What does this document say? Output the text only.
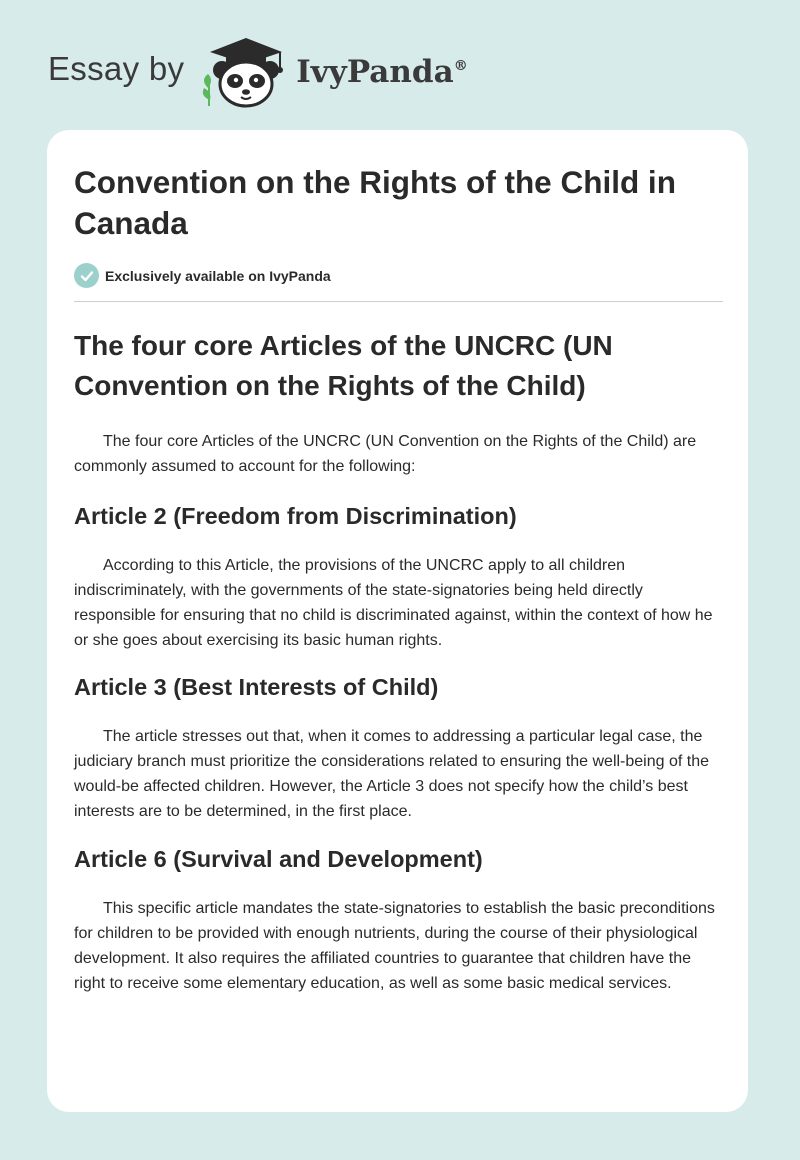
Essay by	IvyPanda®
Convention on the Rights of the Child in Canada
Exclusively available on IvyPanda
The four core Articles of the UNCRC (UN Convention on the Rights of the Child)

The four core Articles of the UNCRC (UN Convention on the Rights of the Child) are commonly assumed to account for the following:

Article 2 (Freedom from Discrimination)

According to this Article, the provisions of the UNCRC apply to all children indiscriminately, with the governments of the state-signatories being held directly responsible for ensuring that no child is discriminated against, within the context of how he or she goes about exercising its basic human rights.

Article 3 (Best Interests of Child)

The article stresses out that, when it comes to addressing a particular legal case, the judiciary branch must prioritize the considerations related to ensuring the well-being of the would-be affected children. However, the Article 3 does not specify how the child’s best interests are to be determined, in the first place.

Article 6 (Survival and Development)

This specific article mandates the state-signatories to establish the basic preconditions for children to be provided with enough nutrients, during the course of their physiological development. It also requires the affiliated countries to guarantee that children have the right to receive some elementary education, as well as some basic medical services.
